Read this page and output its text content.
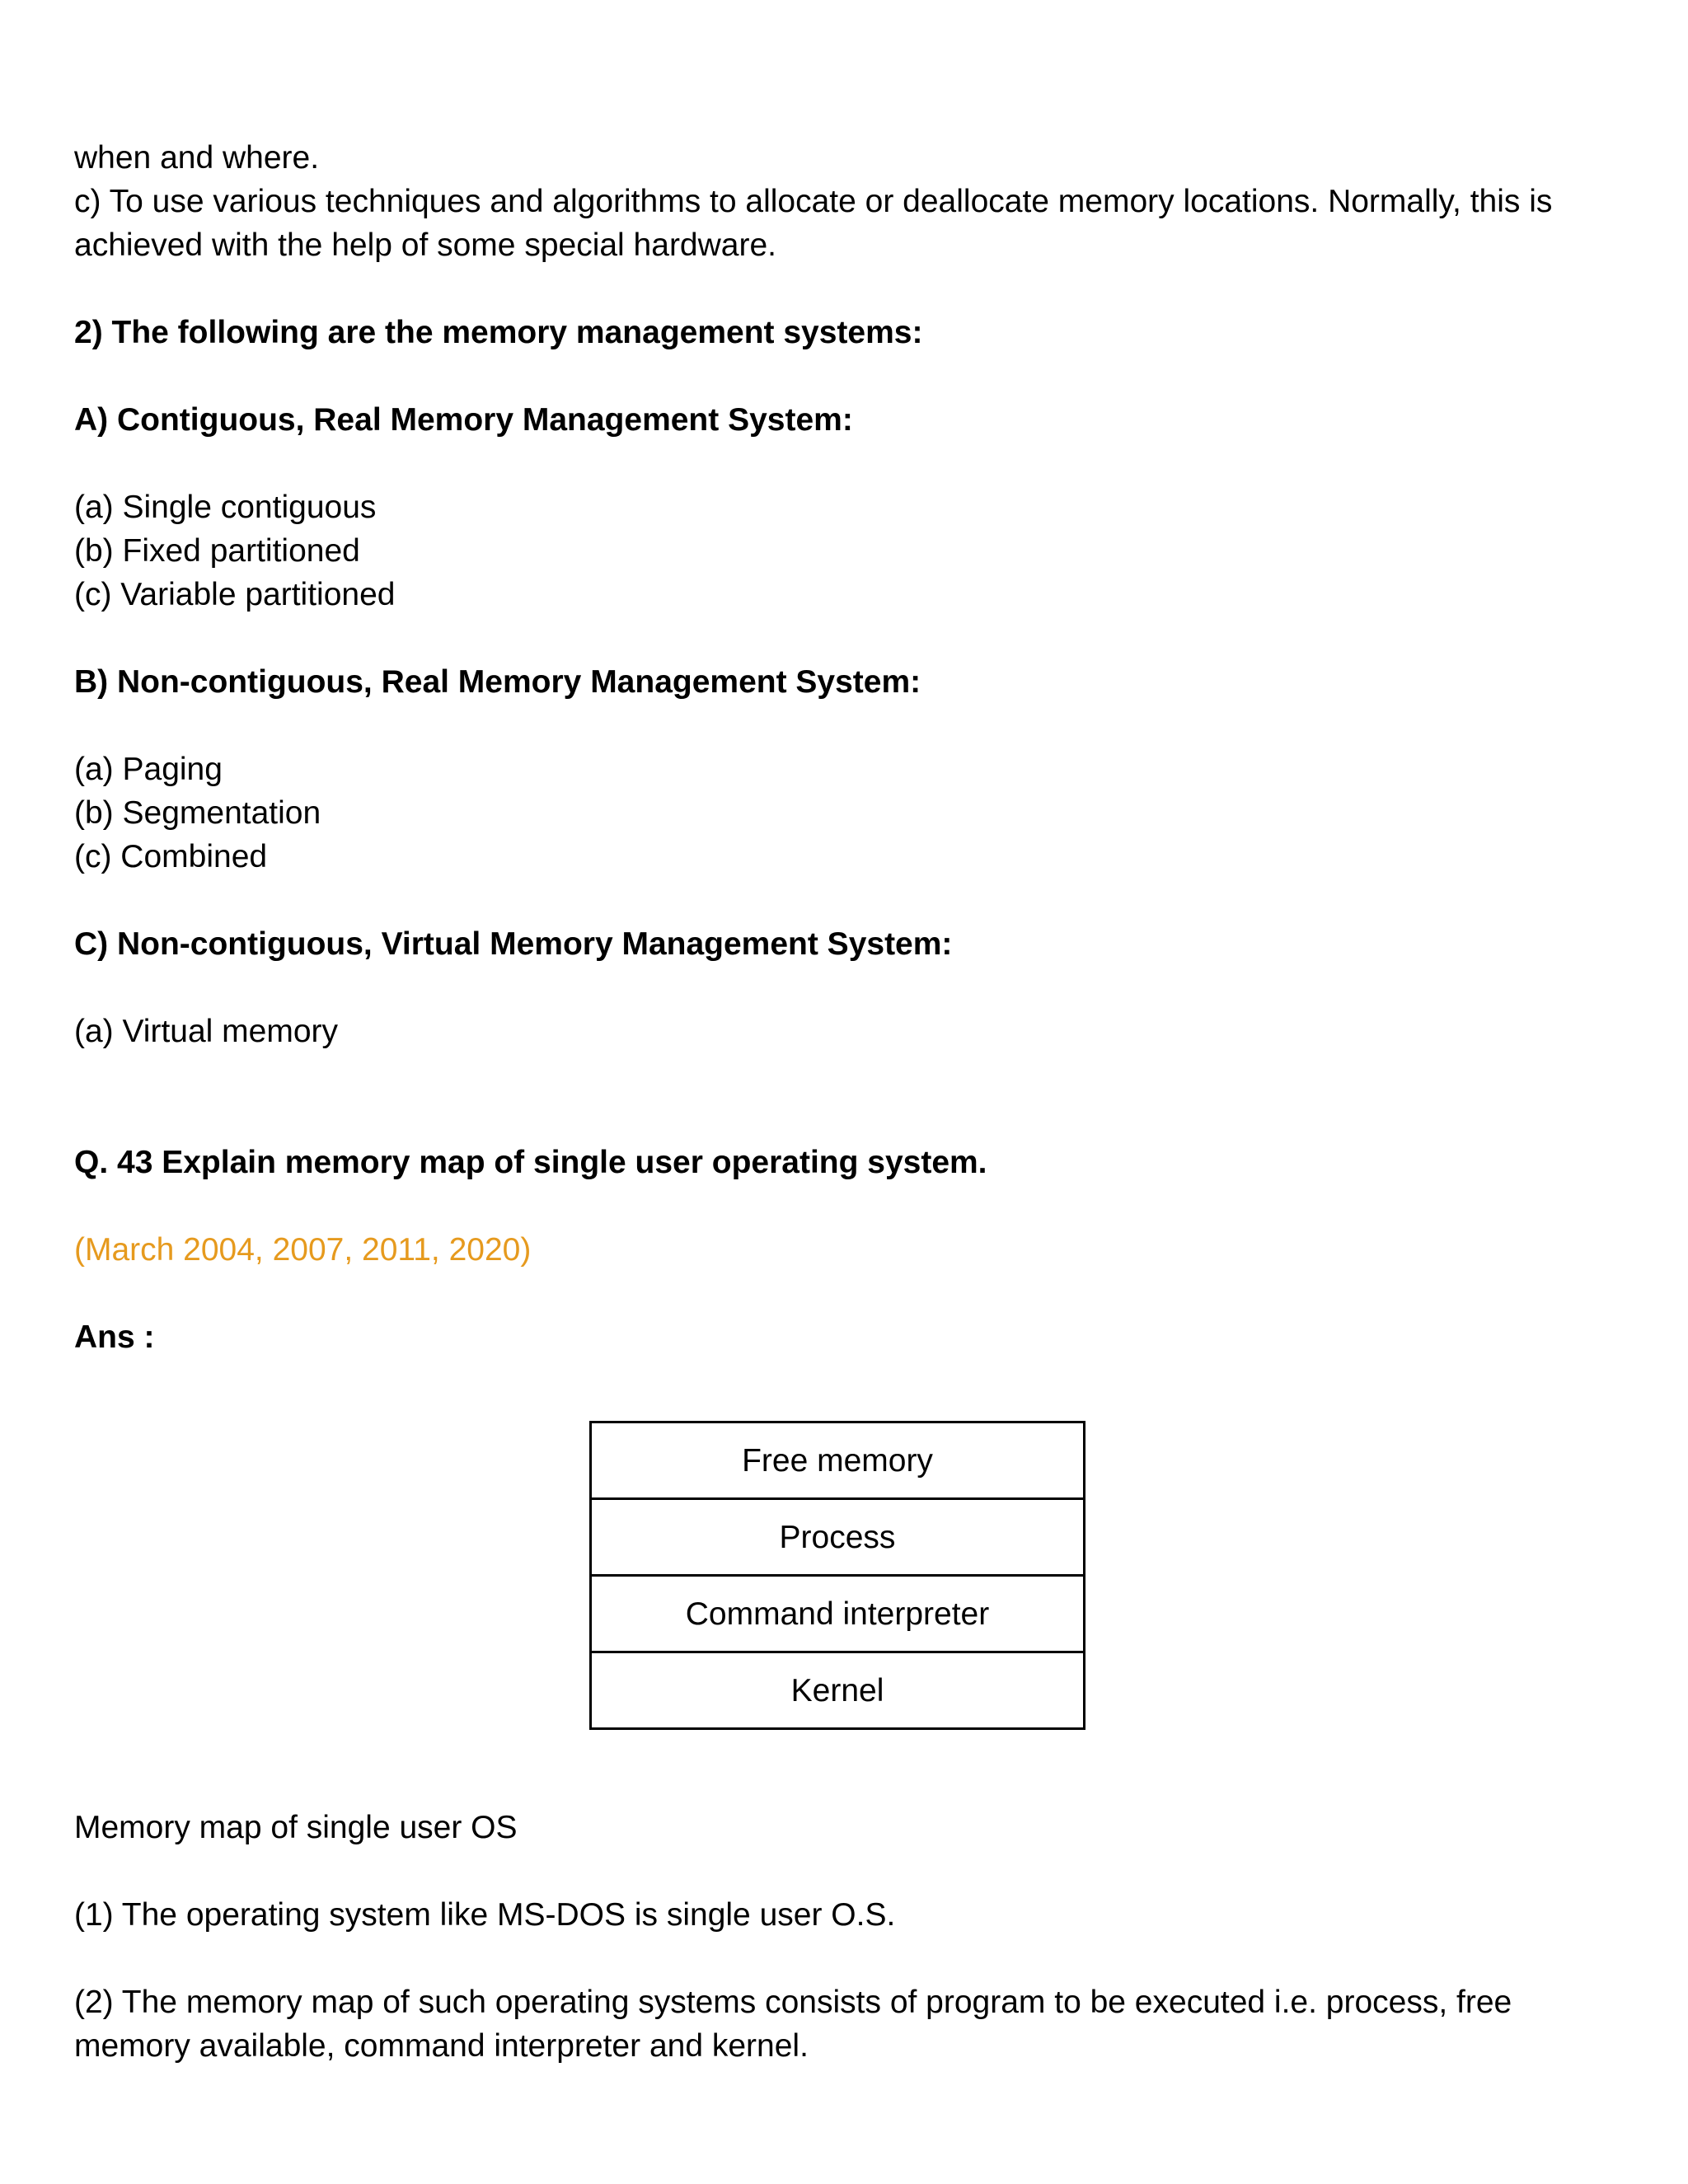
when and where.

c) To use various techniques and algorithms to allocate or deallocate memory locations. Normally, this is achieved with the help of some special hardware.

2) The following are the memory management systems:

A) Contiguous, Real Memory Management System:

(a) Single contiguous

(b) Fixed partitioned

(c) Variable partitioned

B) Non-contiguous, Real Memory Management System:

(a) Paging

(b) Segmentation

(c) Combined

C) Non-contiguous, Virtual Memory Management System:

(a) Virtual memory

Q. 43 Explain memory map of single user operating system.

(March 2004, 2007, 2011, 2020)

Ans :

Free memory
Process
Command interpreter
Kernel

Memory map of single user OS

(1) The operating system like MS-DOS is single user O.S.

(2) The memory map of such operating systems consists of program to be executed i.e. process, free memory available, command interpreter and kernel.
